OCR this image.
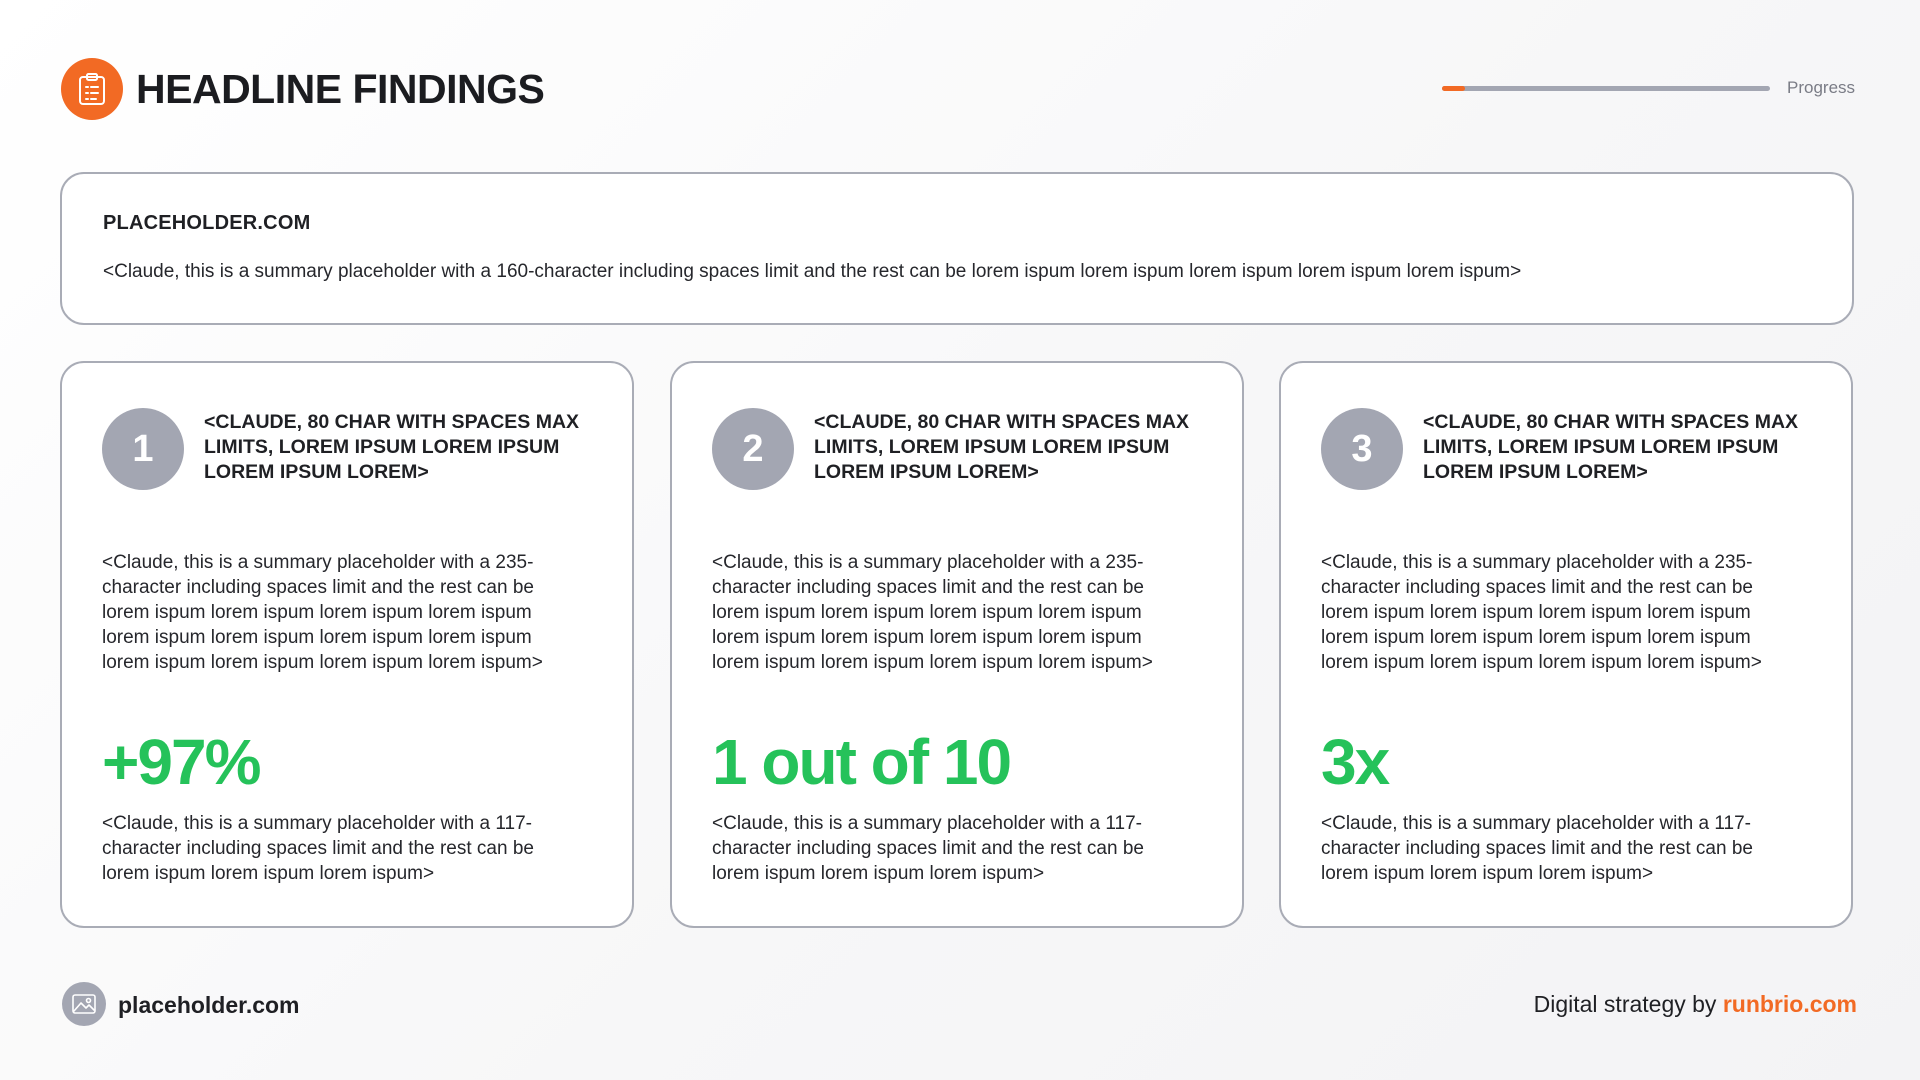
HEADLINE FINDINGS	Progress
PLACEHOLDER.COM
<Claude, this is a summary placeholder with a 160-character including spaces limit and the rest can be lorem ispum lorem ispum lorem ispum lorem ispum lorem ispum>
1
<CLAUDE, 80 CHAR WITH SPACES MAX LIMITS, LOREM IPSUM LOREM IPSUM LOREM IPSUM LOREM>
<Claude, this is a summary placeholder with a 235-character including spaces limit and the rest can be lorem ispum lorem ispum lorem ispum lorem ispum lorem ispum lorem ispum lorem ispum lorem ispum lorem ispum lorem ispum lorem ispum lorem ispum>
+97%
<Claude, this is a summary placeholder with a 117-character including spaces limit and the rest can be lorem ispum lorem ispum lorem ispum>
2
<CLAUDE, 80 CHAR WITH SPACES MAX LIMITS, LOREM IPSUM LOREM IPSUM LOREM IPSUM LOREM>
<Claude, this is a summary placeholder with a 235-character including spaces limit and the rest can be lorem ispum lorem ispum lorem ispum lorem ispum lorem ispum lorem ispum lorem ispum lorem ispum lorem ispum lorem ispum lorem ispum lorem ispum>
1 out of 10
<Claude, this is a summary placeholder with a 117-character including spaces limit and the rest can be lorem ispum lorem ispum lorem ispum>
3
<CLAUDE, 80 CHAR WITH SPACES MAX LIMITS, LOREM IPSUM LOREM IPSUM LOREM IPSUM LOREM>
<Claude, this is a summary placeholder with a 235-character including spaces limit and the rest can be lorem ispum lorem ispum lorem ispum lorem ispum lorem ispum lorem ispum lorem ispum lorem ispum lorem ispum lorem ispum lorem ispum lorem ispum>
3x
<Claude, this is a summary placeholder with a 117-character including spaces limit and the rest can be lorem ispum lorem ispum lorem ispum>
placeholder.com	Digital strategy by runbrio.com
